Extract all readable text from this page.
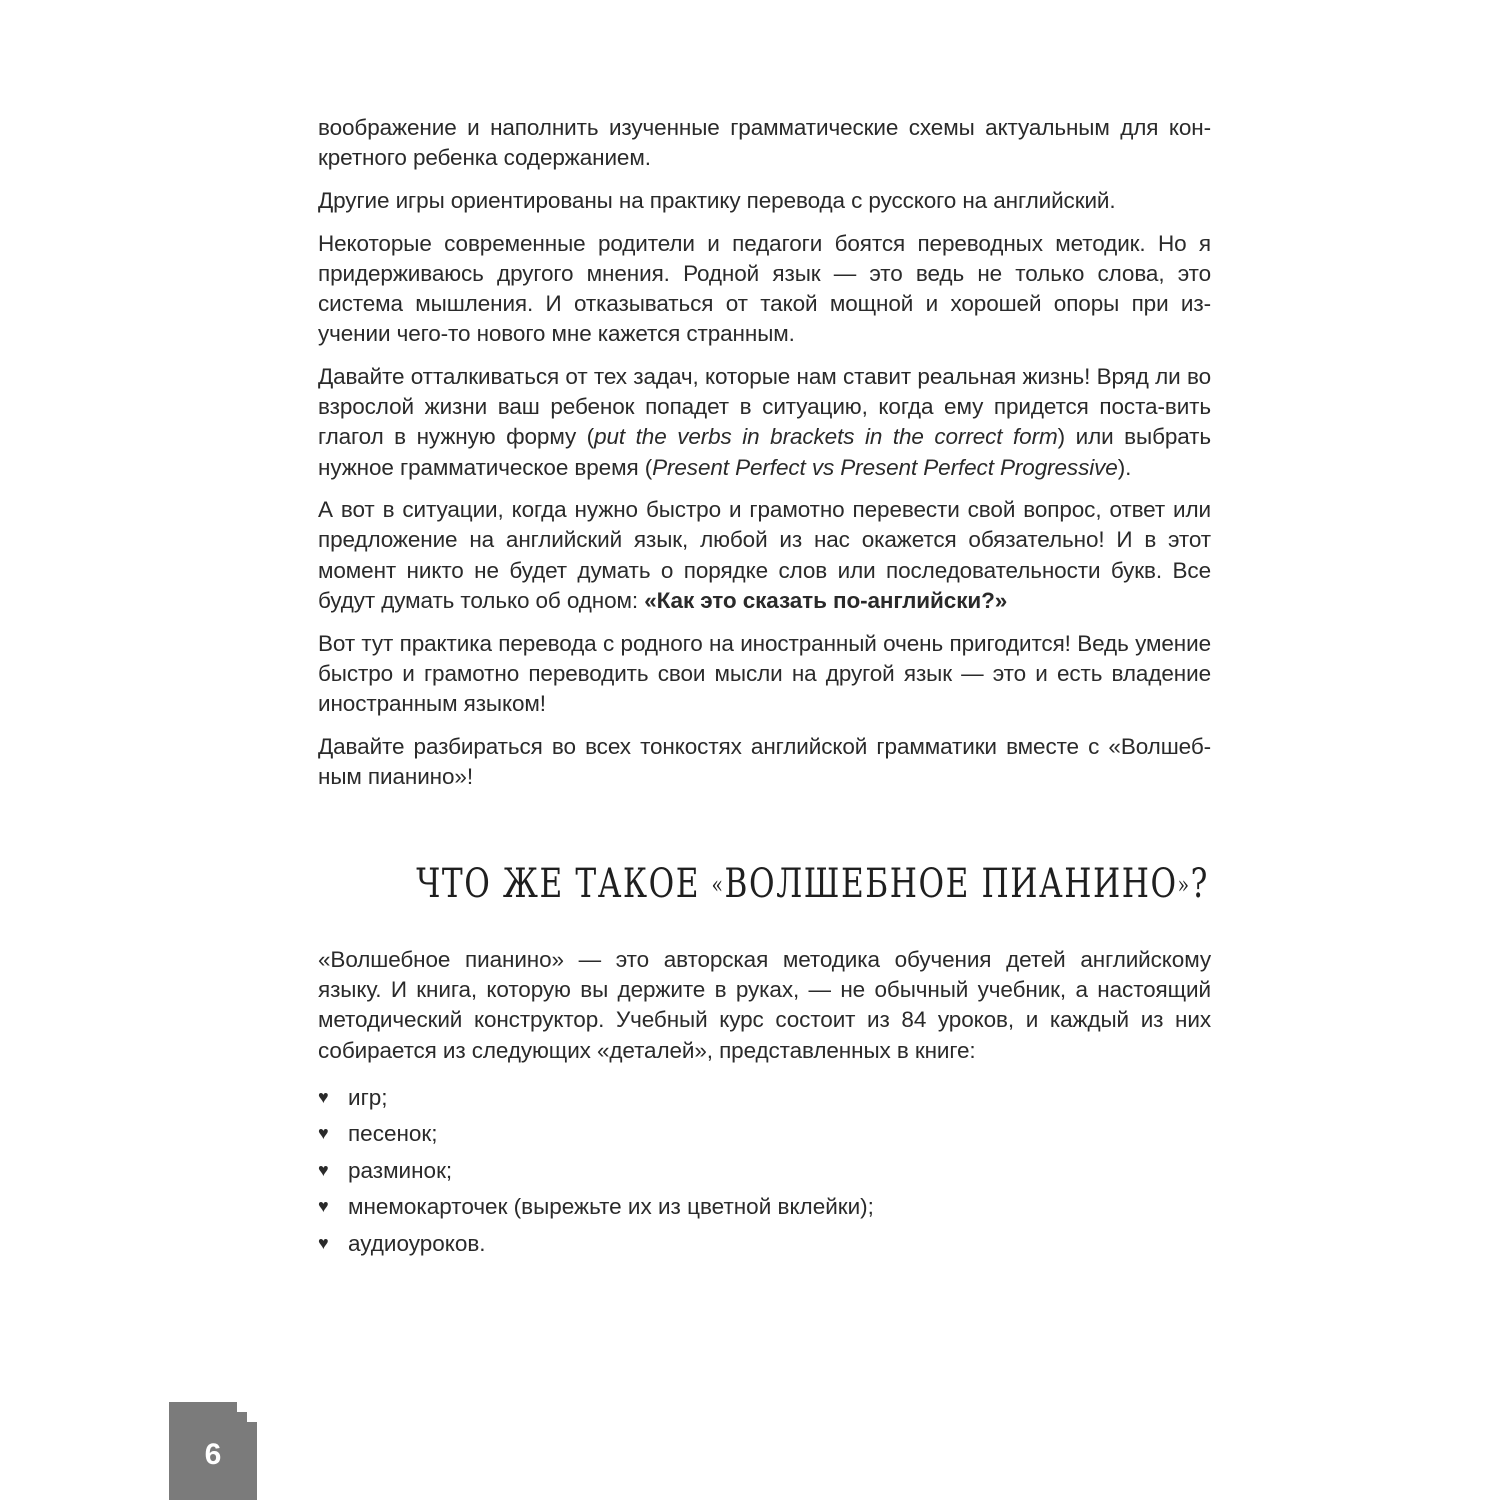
воображение и наполнить изученные грамматические схемы актуальным для кон-кретного ребенка содержанием.

Другие игры ориентированы на практику перевода с русского на английский.

Некоторые современные родители и педагоги боятся переводных методик. Но я придерживаюсь другого мнения. Родной язык — это ведь не только слова, это система мышления. И отказываться от такой мощной и хорошей опоры при из-учении чего-то нового мне кажется странным.

Давайте отталкиваться от тех задач, которые нам ставит реальная жизнь! Вряд ли во взрослой жизни ваш ребенок попадет в ситуацию, когда ему придется поста-вить глагол в нужную форму (put the verbs in brackets in the correct form) или выбрать нужное грамматическое время (Present Perfect vs Present Perfect Progressive).

А вот в ситуации, когда нужно быстро и грамотно перевести свой вопрос, ответ или предложение на английский язык, любой из нас окажется обязательно! И в этот момент никто не будет думать о порядке слов или последовательности букв. Все будут думать только об одном: «Как это сказать по-английски?»

Вот тут практика перевода с родного на иностранный очень пригодится! Ведь умение быстро и грамотно переводить свои мысли на другой язык — это и есть владение иностранным языком!

Давайте разбираться во всех тонкостях английской грамматики вместе с «Волшеб-ным пианино»!

ЧТО ЖЕ ТАКОЕ «ВОЛШЕБНОЕ ПИАНИНО»?

«Волшебное пианино» — это авторская методика обучения детей английскому языку. И книга, которую вы держите в руках, — не обычный учебник, а настоящий методический конструктор. Учебный курс состоит из 84 уроков, и каждый из них собирается из следующих «деталей», представленных в книге:

♥ игр;
♥ песенок;
♥ разминок;
♥ мнемокарточек (вырежьте их из цветной вклейки);
♥ аудиоуроков.
6
